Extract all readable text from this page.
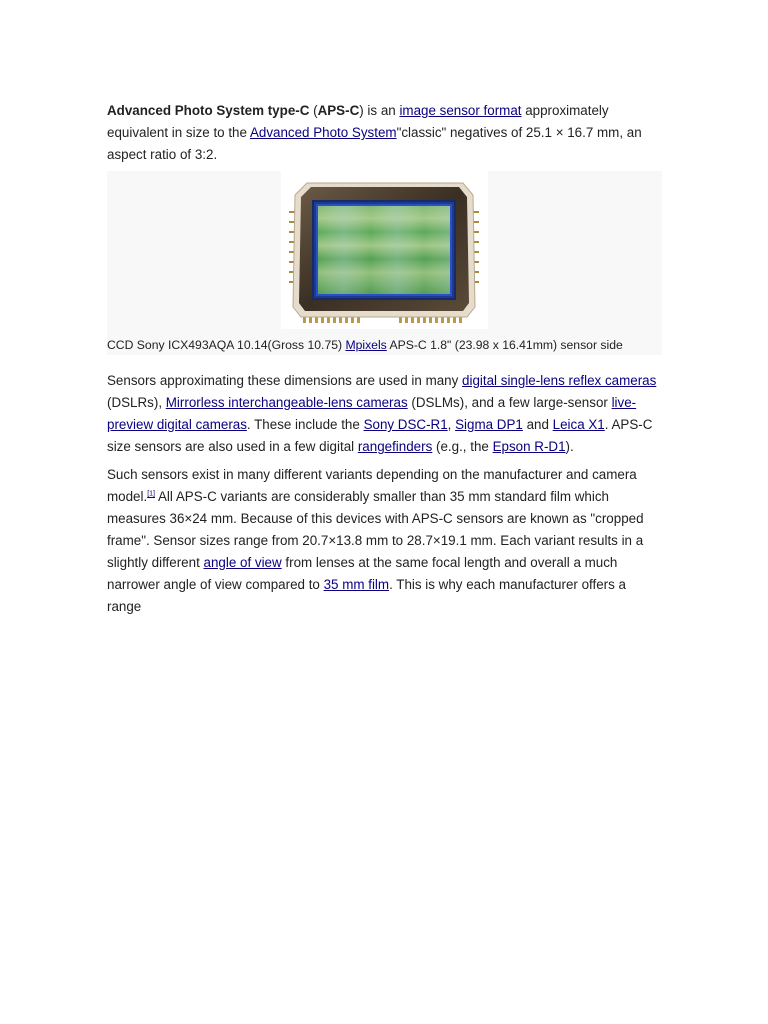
Advanced Photo System type-C (APS-C) is an image sensor format approximately equivalent in size to the Advanced Photo System"classic" negatives of 25.1 × 16.7 mm, an aspect ratio of 3:2.

CCD Sony ICX493AQA 10.14(Gross 10.75) Mpixels APS-C 1.8" (23.98 x 16.41mm) sensor side

Sensors approximating these dimensions are used in many digital single-lens reflex cameras (DSLRs), Mirrorless interchangeable-lens cameras (DSLMs), and a few large-sensor live-preview digital cameras. These include the Sony DSC-R1, Sigma DP1 and Leica X1. APS-C size sensors are also used in a few digital rangefinders (e.g., the Epson R-D1).

Such sensors exist in many different variants depending on the manufacturer and camera model.[1] All APS-C variants are considerably smaller than 35 mm standard film which measures 36×24 mm. Because of this devices with APS-C sensors are known as "cropped frame". Sensor sizes range from 20.7×13.8 mm to 28.7×19.1 mm. Each variant results in a slightly different angle of view from lenses at the same focal length and overall a much narrower angle of view compared to 35 mm film. This is why each manufacturer offers a range
